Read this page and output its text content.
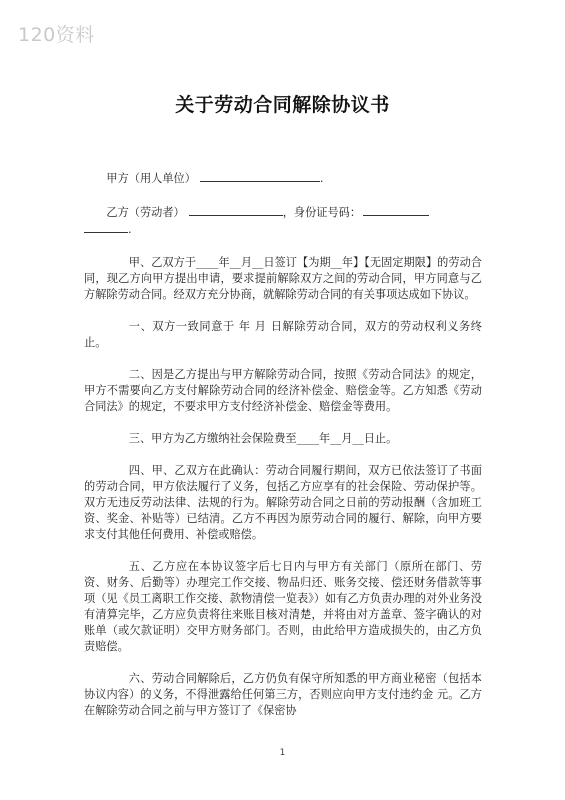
120资料
关于劳动合同解除协议书

甲方（用人单位）	.

乙方（劳动者）	，身份证号码：
.

甲、乙双方于____年__月__日签订【为期__年】【无固定期限】的劳动合同，现乙方向甲方提出申请，要求提前解除双方之间的劳动合同，甲方同意与乙方解除劳动合同。经双方充分协商，就解除劳动合同的有关事项达成如下协议。

一、双方一致同意于 年 月 日解除劳动合同，双方的劳动权利义务终止。

二、因是乙方提出与甲方解除劳动合同，按照《劳动合同法》的规定，甲方不需要向乙方支付解除劳动合同的经济补偿金、赔偿金等。乙方知悉《劳动合同法》的规定，不要求甲方支付经济补偿金、赔偿金等费用。

三、甲方为乙方缴纳社会保险费至____年__月__日止。

四、甲、乙双方在此确认：劳动合同履行期间，双方已依法签订了书面的劳动合同，甲方依法履行了义务，包括乙方应享有的社会保险、劳动保护等。双方无违反劳动法律、法规的行为。解除劳动合同之日前的劳动报酬（含加班工资、奖金、补贴等）已结清。乙方不再因为原劳动合同的履行、解除，向甲方要求支付其他任何费用、补偿或赔偿。

五、乙方应在本协议签字后七日内与甲方有关部门（原所在部门、劳资、财务、后勤等）办理完工作交接、物品归还、账务交接、偿还财务借款等事项（见《员工离职工作交接、款物清偿一览表》）如有乙方负责办理的对外业务没有清算完毕，乙方应负责将往来账目核对清楚，并将由对方盖章、签字确认的对账单（或欠款证明）交甲方财务部门。否则，由此给甲方造成损失的，由乙方负责赔偿。

六、劳动合同解除后，乙方仍负有保守所知悉的甲方商业秘密（包括本协议内容）的义务，不得泄露给任何第三方，否则应向甲方支付违约金 元。乙方在解除劳动合同之前与甲方签订了《保密协

1
